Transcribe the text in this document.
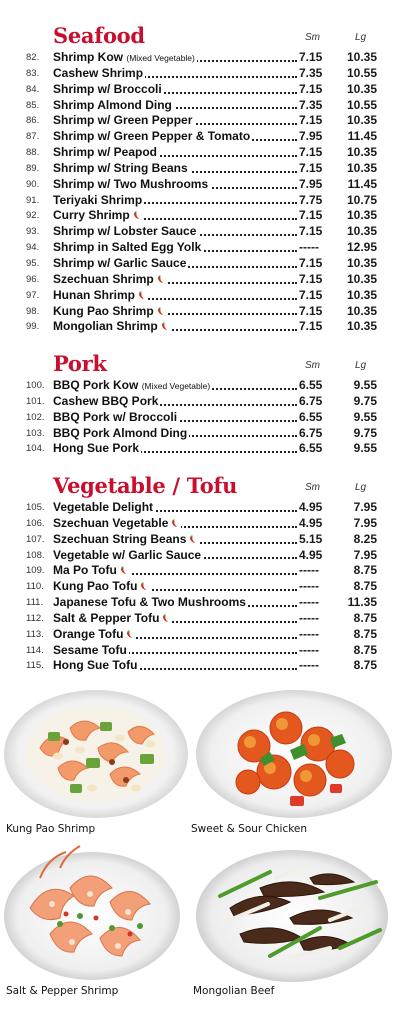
Seafood	Sm	Lg
82.	Shrimp Kow (Mixed Vegetable)	7.15	10.35
83.	Cashew Shrimp	7.35	10.55
84.	Shrimp w/ Broccoli	7.15	10.35
85.	Shrimp Almond Ding	7.35	10.55
86.	Shrimp w/ Green Pepper	7.15	10.35
87.	Shrimp w/ Green Pepper & Tomato	7.95	11.45
88.	Shrimp w/ Peapod	7.15	10.35
89.	Shrimp w/ String Beans	7.15	10.35
90.	Shrimp w/ Two Mushrooms	7.95	11.45
91.	Teriyaki Shrimp	7.75	10.75
92.	Curry Shrimp	7.15	10.35
93.	Shrimp w/ Lobster Sauce	7.15	10.35
94.	Shrimp in Salted Egg Yolk	-----	12.95
95.	Shrimp w/ Garlic Sauce	7.15	10.35
96.	Szechuan Shrimp	7.15	10.35
97.	Hunan Shrimp	7.15	10.35
98.	Kung Pao Shrimp	7.15	10.35
99.	Mongolian Shrimp	7.15	10.35
Pork	Sm	Lg
100. BBQ Pork Kow (Mixed Vegetable)	6.55	9.55
101. Cashew BBQ Pork	6.75	9.75
102. BBQ Pork w/ Broccoli	6.55	9.55
103. BBQ Pork Almond Ding	6.75	9.75
104. Hong Sue Pork	6.55	9.55
Vegetable / Tofu	Sm	Lg
105. Vegetable Delight	4.95	7.95
106. Szechuan Vegetable	4.95	7.95
107. Szechuan String Beans	5.15	8.25
108. Vegetable w/ Garlic Sauce	4.95	7.95
109. Ma Po Tofu	-----	8.75
110. Kung Pao Tofu	-----	8.75
111. Japanese Tofu & Two Mushrooms	-----	11.35
112. Salt & Pepper Tofu	-----	8.75
113. Orange Tofu	-----	8.75
114. Sesame Tofu	-----	8.75
115. Hong Sue Tofu	-----	8.75
Kung Pao Shrimp	Sweet & Sour Chicken
Salt & Pepper Shrimp	Mongolian Beef
